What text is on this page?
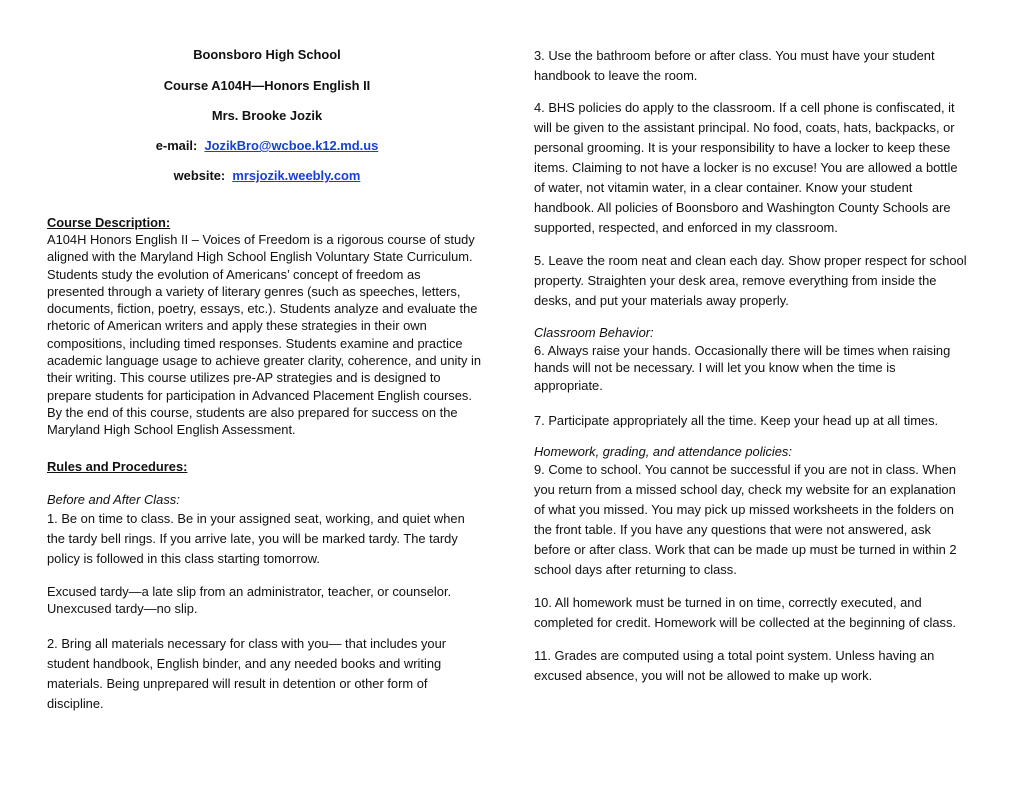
Boonsboro High School
Course A104H—Honors English II
Mrs. Brooke Jozik
e-mail: JozikBro@wcboe.k12.md.us
website: mrsjozik.weebly.com
Course Description:
A104H Honors English II – Voices of Freedom is a rigorous course of study
aligned with the Maryland High School English Voluntary State Curriculum.
Students study the evolution of Americans’ concept of freedom as
presented through a variety of literary genres (such as speeches, letters,
documents, fiction, poetry, essays, etc.). Students analyze and evaluate the
rhetoric of American writers and apply these strategies in their own
compositions, including timed responses. Students examine and practice
academic language usage to achieve greater clarity, coherence, and unity in
their writing. This course utilizes pre-AP strategies and is designed to
prepare students for participation in Advanced Placement English courses.
By the end of this course, students are also prepared for success on the
Maryland High School English Assessment.
Rules and Procedures:
Before and After Class:
1. Be on time to class. Be in your assigned seat, working, and quiet when
the tardy bell rings. If you arrive late, you will be marked tardy. The tardy
policy is followed in this class starting tomorrow.
Excused tardy—a late slip from an administrator, teacher, or counselor.
Unexcused tardy—no slip.
2. Bring all materials necessary for class with you— that includes your
student handbook, English binder, and any needed books and writing
materials. Being unprepared will result in detention or other form of
discipline.
3. Use the bathroom before or after class. You must have your student
handbook to leave the room.
4. BHS policies do apply to the classroom. If a cell phone is confiscated, it
will be given to the assistant principal. No food, coats, hats, backpacks, or
personal grooming. It is your responsibility to have a locker to keep these
items. Claiming to not have a locker is no excuse! You are allowed a bottle
of water, not vitamin water, in a clear container. Know your student
handbook. All policies of Boonsboro and Washington County Schools are
supported, respected, and enforced in my classroom.
5. Leave the room neat and clean each day. Show proper respect for school
property. Straighten your desk area, remove everything from inside the
desks, and put your materials away properly.
Classroom Behavior:
6. Always raise your hands. Occasionally there will be times when raising
hands will not be necessary. I will let you know when the time is
appropriate.
7. Participate appropriately all the time. Keep your head up at all times.
Homework, grading, and attendance policies:
9. Come to school. You cannot be successful if you are not in class. When
you return from a missed school day, check my website for an explanation
of what you missed. You may pick up missed worksheets in the folders on
the front table. If you have any questions that were not answered, ask
before or after class. Work that can be made up must be turned in within 2
school days after returning to class.
10. All homework must be turned in on time, correctly executed, and
completed for credit. Homework will be collected at the beginning of class.
11. Grades are computed using a total point system. Unless having an
excused absence, you will not be allowed to make up work.
